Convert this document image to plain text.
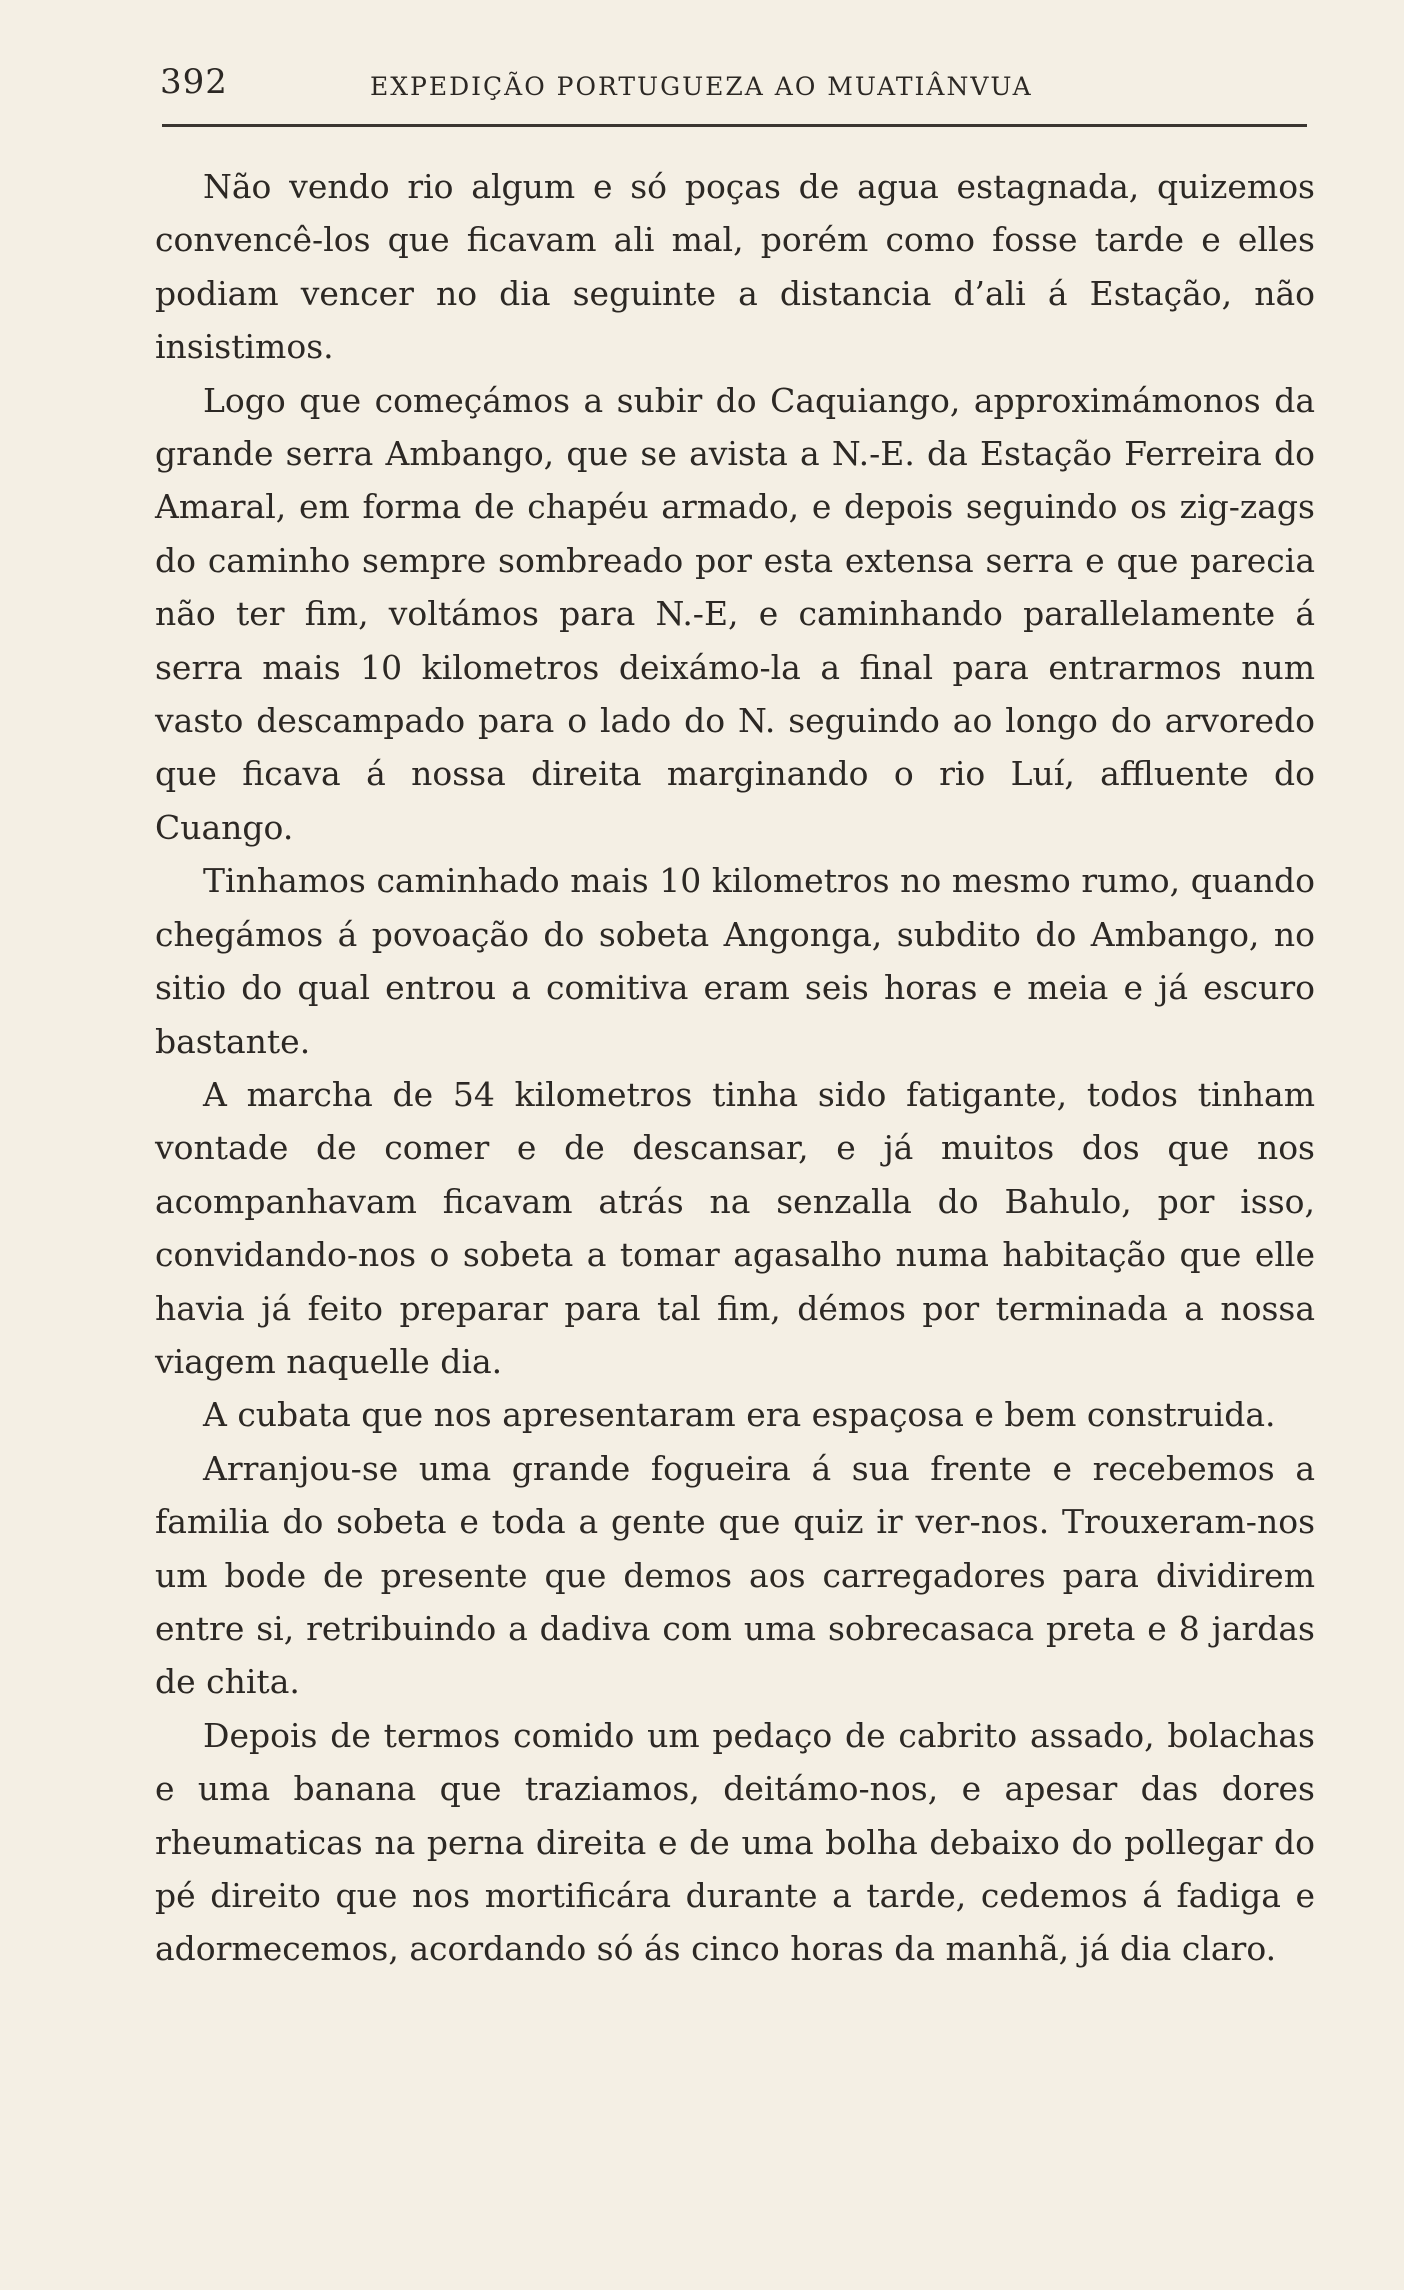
392	EXPEDIÇÃO PORTUGUEZA AO MUATIÂNVUA

Não vendo rio algum e só poças de agua estagnada, quizemos convencê-los que ficavam ali mal, porém como fosse tarde e elles podiam vencer no dia seguinte a distancia d’ali á Estação, não insistimos.

Logo que começámos a subir do Caquiango, approximámonos da grande serra Ambango, que se avista a N.-E. da Estação Ferreira do Amaral, em forma de chapéu armado, e depois seguindo os zig-zags do caminho sempre sombreado por esta extensa serra e que parecia não ter fim, voltámos para N.-E, e caminhando parallelamente á serra mais 10 kilometros deixámo-la a final para entrarmos num vasto descampado para o lado do N. seguindo ao longo do arvoredo que ficava á nossa direita marginando o rio Luí, affluente do Cuango.

Tinhamos caminhado mais 10 kilometros no mesmo rumo, quando chegámos á povoação do sobeta Angonga, subdito do Ambango, no sitio do qual entrou a comitiva eram seis horas e meia e já escuro bastante.

A marcha de 54 kilometros tinha sido fatigante, todos tinham vontade de comer e de descansar, e já muitos dos que nos acompanhavam ficavam atrás na senzalla do Bahulo, por isso, convidando-nos o sobeta a tomar agasalho numa habitação que elle havia já feito preparar para tal fim, démos por terminada a nossa viagem naquelle dia.

A cubata que nos apresentaram era espaçosa e bem construida.

Arranjou-se uma grande fogueira á sua frente e recebemos a familia do sobeta e toda a gente que quiz ir ver-nos. Trouxeram-nos um bode de presente que demos aos carregadores para dividirem entre si, retribuindo a dadiva com uma sobrecasaca preta e 8 jardas de chita.

Depois de termos comido um pedaço de cabrito assado, bolachas e uma banana que traziamos, deitámo-nos, e apesar das dores rheumaticas na perna direita e de uma bolha debaixo do pollegar do pé direito que nos mortificára durante a tarde, cedemos á fadiga e adormecemos, acordando só ás cinco horas da manhã, já dia claro.
